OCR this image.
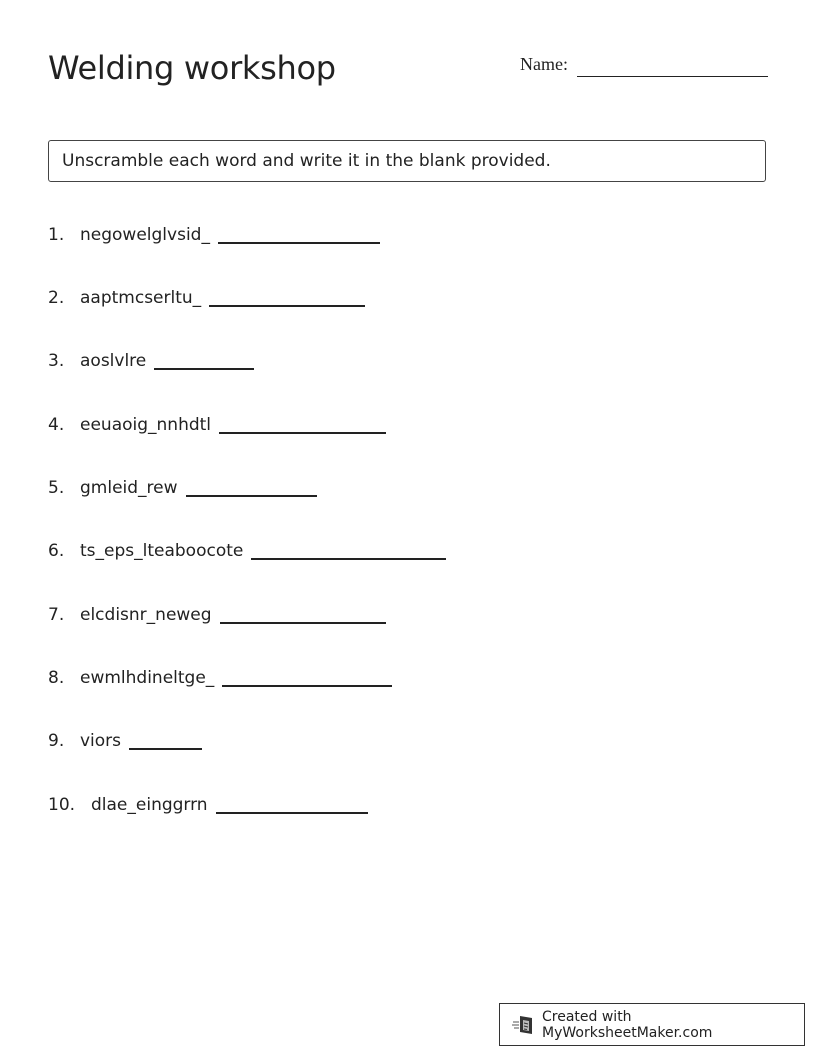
Welding workshop	Name:
Unscramble each word and write it in the blank provided.
1. negowelglvsid_
2. aaptmcserltu_
3. aoslvlre
4. eeuaoig_nnhdtl
5. gmleid_rew
6. ts_eps_lteaboocote
7. elcdisnr_neweg
8. ewmlhdineltge_
9. viors
10. dlae_einggrrn
Created with MyWorksheetMaker.com
